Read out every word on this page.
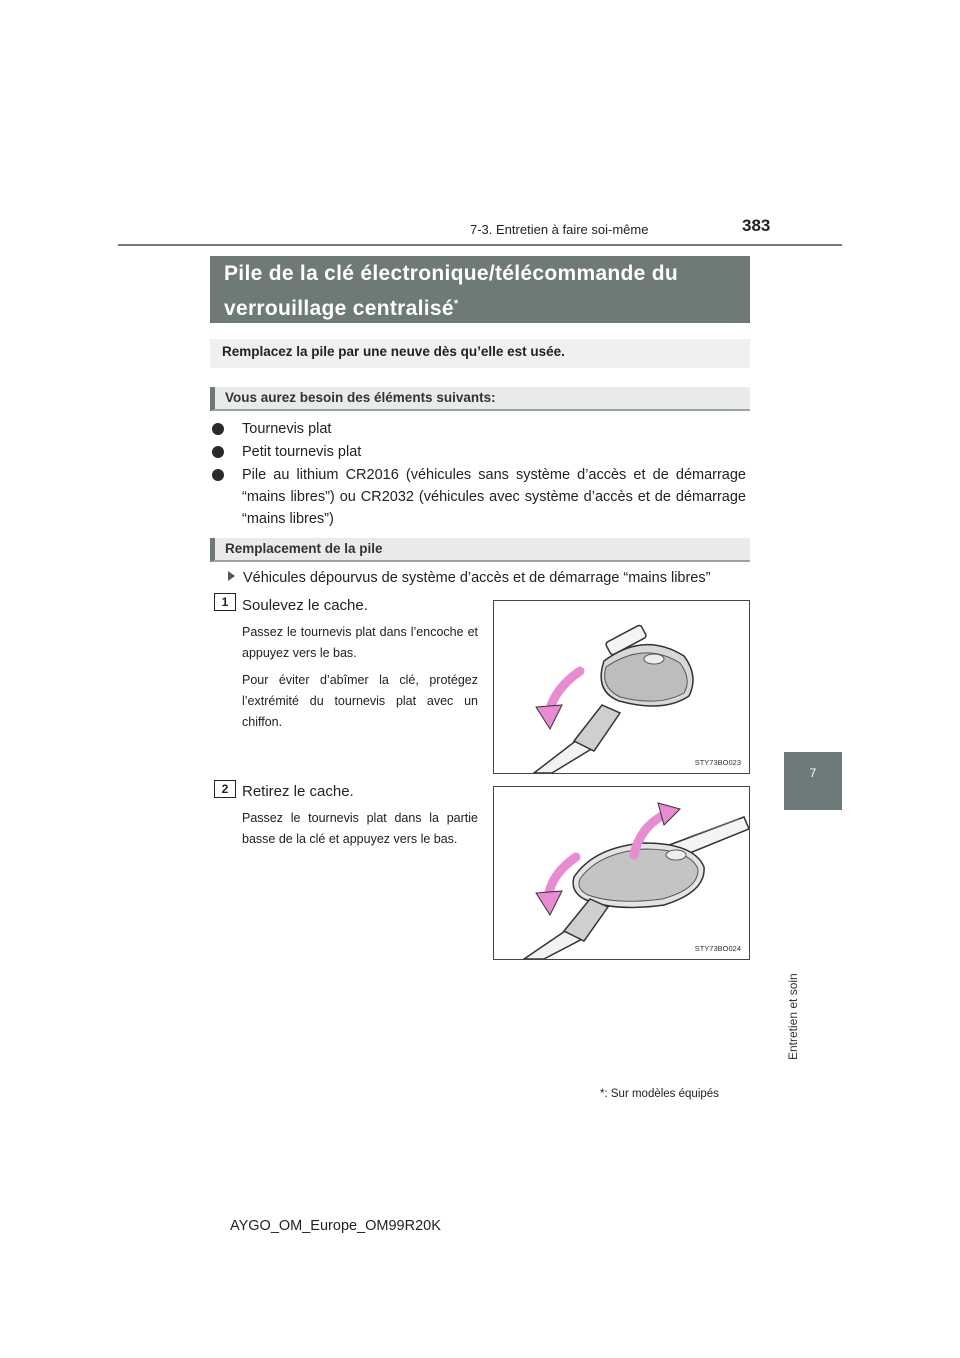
7-3. Entretien à faire soi-même	383
7
Entretien et soin
Pile de la clé électronique/télécommande du verrouillage centralisé*
Remplacez la pile par une neuve dès qu’elle est usée.
Vous aurez besoin des éléments suivants:
Tournevis plat
Petit tournevis plat
Pile au lithium CR2016 (véhicules sans système d’accès et de démarrage “mains libres”) ou CR2032 (véhicules avec système d’accès et de démarrage “mains libres”)
Remplacement de la pile
Véhicules dépourvus de système d’accès et de démarrage “mains libres”
1 Soulevez le cache.

Passez le tournevis plat dans l’encoche et appuyez vers le bas.

Pour éviter d’abîmer la clé, protégez l’extrémité du tournevis plat avec un chiffon.

STY73BO023
2 Retirez le cache.

Passez le tournevis plat dans la partie basse de la clé et appuyez vers le bas.

STY73BO024
*: Sur modèles équipés
AYGO_OM_Europe_OM99R20K
